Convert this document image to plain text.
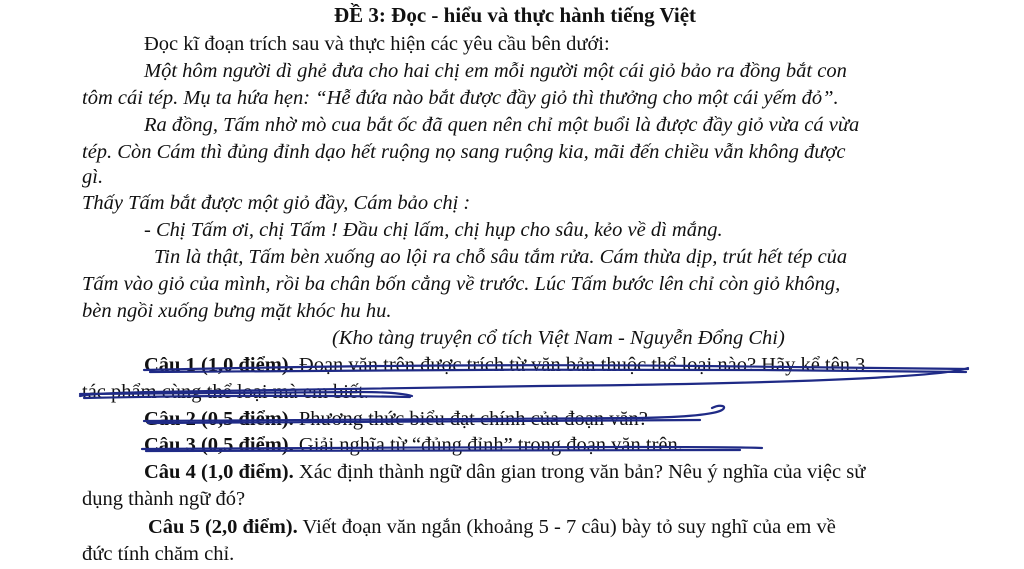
ĐỀ 3: Đọc - hiểu và thực hành tiếng Việt
Đọc kĩ đoạn trích sau và thực hiện các yêu cầu bên dưới:
Một hôm người dì ghẻ đưa cho hai chị em mỗi người một cái giỏ bảo ra đồng bắt con
tôm cái tép. Mụ ta hứa hẹn: “Hễ đứa nào bắt được đầy giỏ thì thưởng cho một cái yếm đỏ”.
Ra đồng, Tấm nhờ mò cua bắt ốc đã quen nên chỉ một buổi là được đầy giỏ vừa cá vừa
tép. Còn Cám thì đủng đỉnh dạo hết ruộng nọ sang ruộng kia, mãi đến chiều vẫn không được
gì.
Thấy Tấm bắt được một giỏ đầy, Cám bảo chị :
- Chị Tấm ơi, chị Tấm ! Đầu chị lấm, chị hụp cho sâu, kẻo về dì mắng.
Tin là thật, Tấm bèn xuống ao lội ra chỗ sâu tắm rửa. Cám thừa dịp, trút hết tép của
Tấm vào giỏ của mình, rồi ba chân bốn cẳng về trước. Lúc Tấm bước lên chỉ còn giỏ không,
bèn ngồi xuống bưng mặt khóc hu hu.
(Kho tàng truyện cổ tích Việt Nam - Nguyễn Đổng Chi)
Câu 1 (1,0 điểm). Đoạn văn trên được trích từ văn bản thuộc thể loại nào? Hãy kể tên 3
tác phẩm cùng thể loại mà em biết.
Câu 2 (0,5 điểm). Phương thức biểu đạt chính của đoạn văn?
Câu 3 (0,5 điểm). Giải nghĩa từ “đủng đỉnh” trong đoạn văn trên.
Câu 4 (1,0 điểm). Xác định thành ngữ dân gian trong văn bản? Nêu ý nghĩa của việc sử
dụng thành ngữ đó?
Câu 5 (2,0 điểm). Viết đoạn văn ngắn (khoảng 5 - 7 câu) bày tỏ suy nghĩ của em về
đức tính chăm chỉ.
